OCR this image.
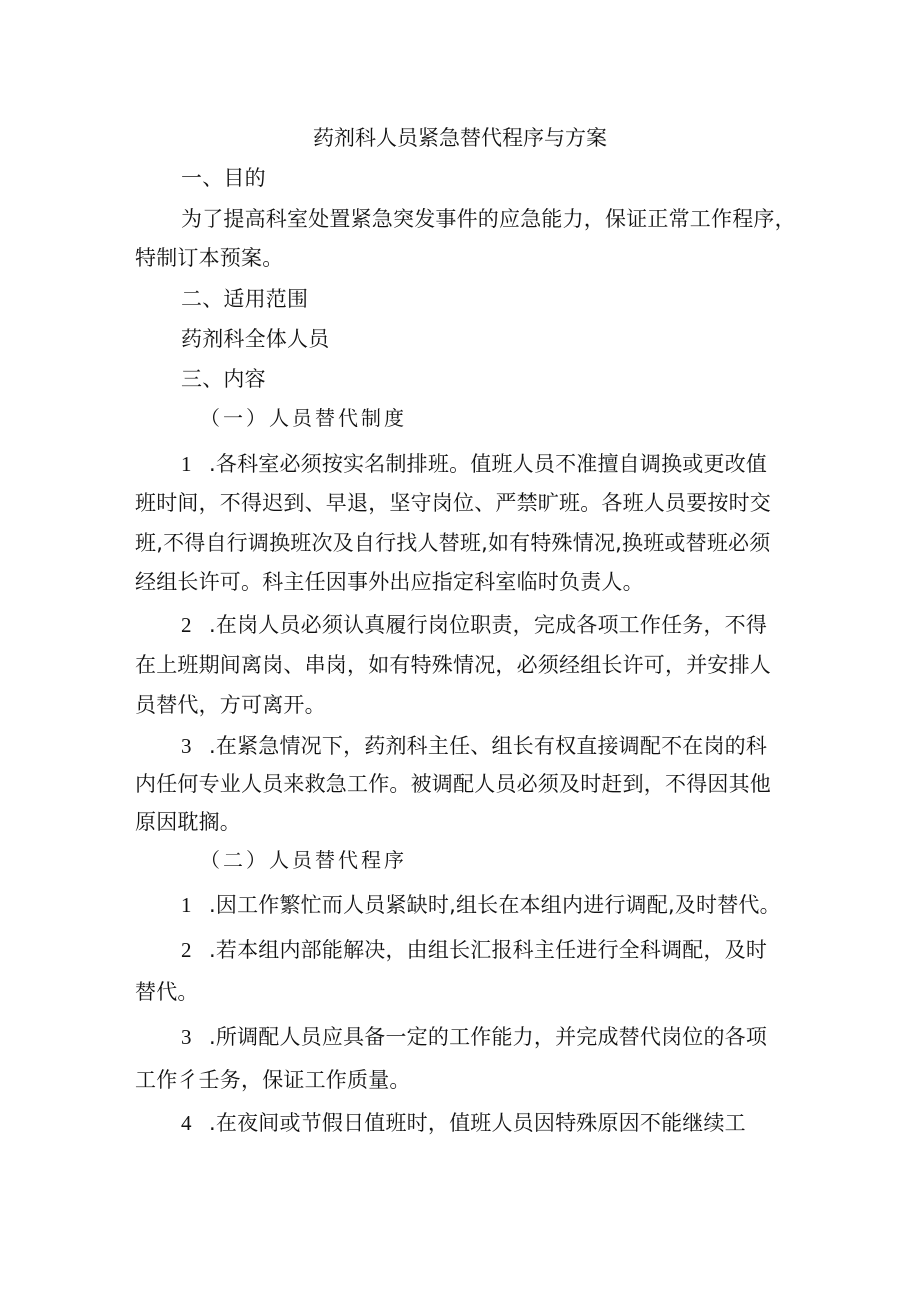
药剂科人员紧急替代程序与方案
一、目的
为了提高科室处置紧急突发事件的应急能力，保证正常工作程序，
特制订本预案。
二、适用范围
药剂科全体人员
三、内容
（一）人员替代制度
1 .各科室必须按实名制排班。值班人员不准擅自调换或更改值
班时间，不得迟到、早退，坚守岗位、严禁旷班。各班人员要按时交
班,不得自行调换班次及自行找人替班,如有特殊情况,换班或替班必须
经组长许可。科主任因事外出应指定科室临时负责人。
2 .在岗人员必须认真履行岗位职责，完成各项工作任务，不得
在上班期间离岗、串岗，如有特殊情况，必须经组长许可，并安排人
员替代，方可离开。
3 .在紧急情况下，药剂科主任、组长有权直接调配不在岗的科
内任何专业人员来救急工作。被调配人员必须及时赶到，不得因其他
原因耽搁。
（二）人员替代程序
1 .因工作繁忙而人员紧缺时,组长在本组内进行调配,及时替代。
2 .若本组内部能解决，由组长汇报科主任进行全科调配，及时
替代。
3 .所调配人员应具备一定的工作能力，并完成替代岗位的各项
工作彳壬务，保证工作质量。
4 .在夜间或节假日值班时，值班人员因特殊原因不能继续工
